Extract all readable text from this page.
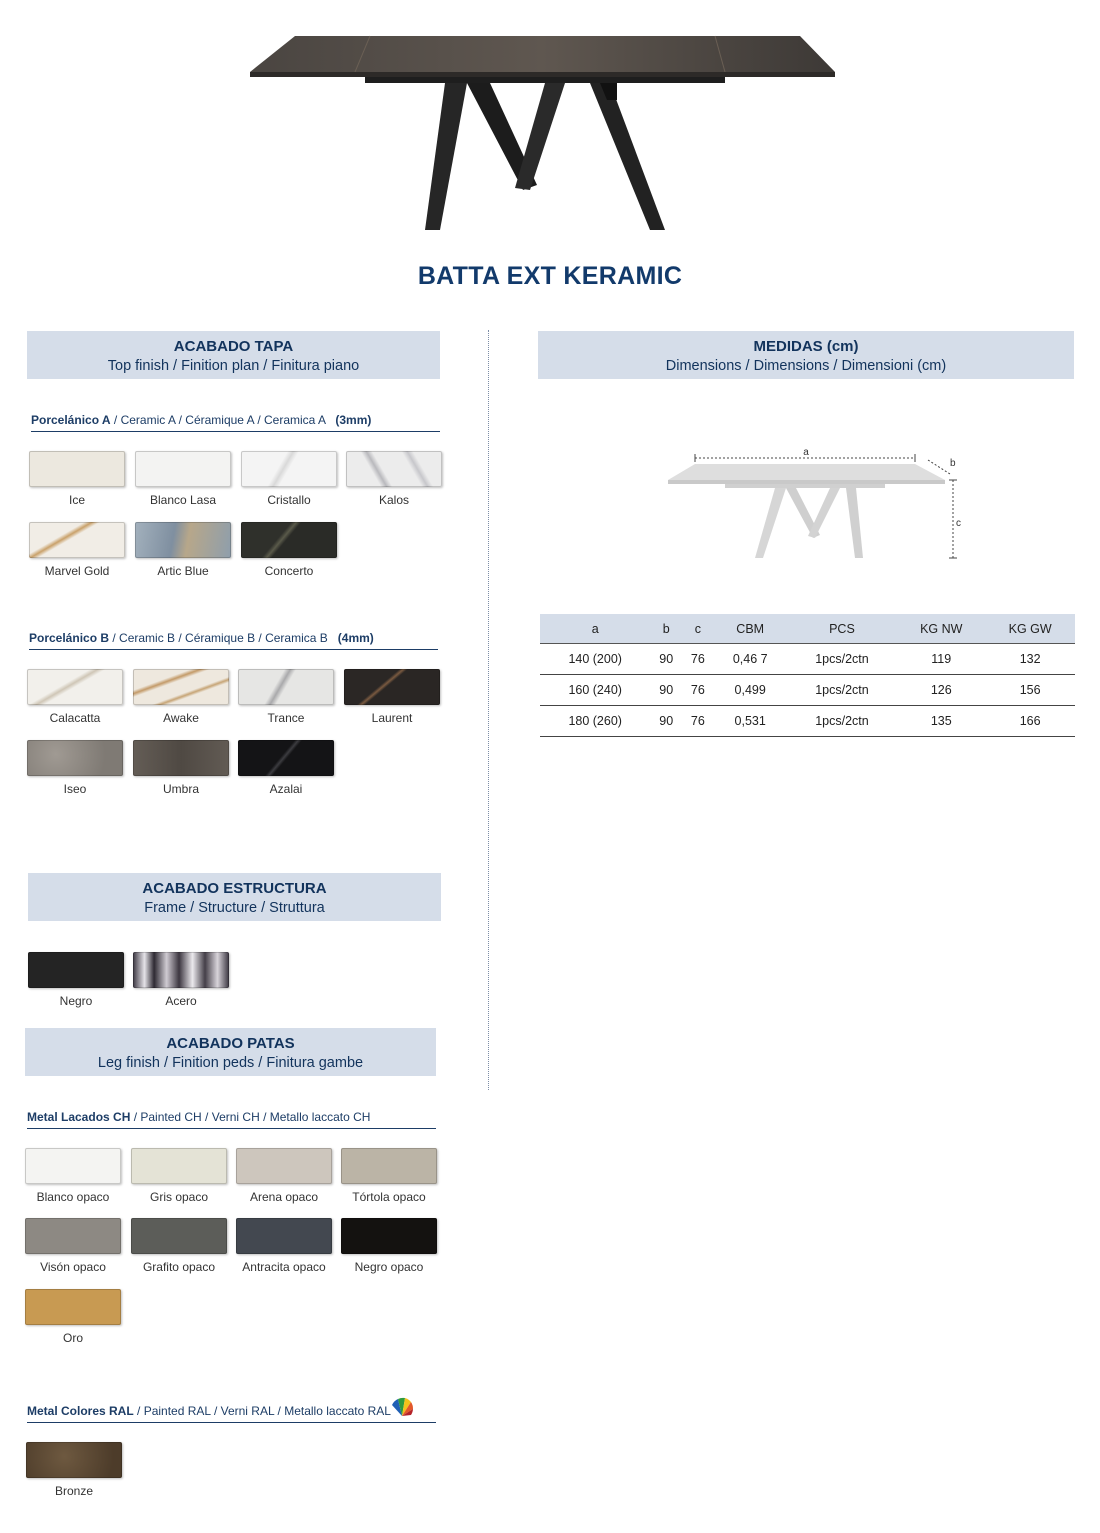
BATTA EXT KERAMIC
ACABADO TAPA
Top finish / Finition plan / Finitura piano
Porcelánico A / Ceramic A / Céramique A / Ceramica A (3mm)
Ice	Blanco Lasa	Cristallo	Kalos
Marvel Gold	Artic Blue	Concerto
Porcelánico B / Ceramic B / Céramique B / Ceramica B (4mm)
Calacatta	Awake	Trance	Laurent
Iseo	Umbra	Azalai
ACABADO ESTRUCTURA
Frame / Structure / Struttura
Negro	Acero
ACABADO PATAS
Leg finish / Finition peds / Finitura gambe
Metal Lacados CH / Painted CH / Verni CH / Metallo laccato CH
Blanco opaco	Gris opaco	Arena opaco	Tórtola opaco
Visón opaco	Grafito opaco	Antracita opaco	Negro opaco
Oro
Metal Colores RAL / Painted RAL / Verni RAL / Metallo laccato RAL
Bronze
MEDIDAS (cm)
Dimensions / Dimensions / Dimensioni (cm)
a
b
c
a	b	c	CBM	PCS	KG NW	KG GW
140 (200)	90	76	0,46 7	1pcs/2ctn	119	132
160 (240)	90	76	0,499	1pcs/2ctn	126	156
180 (260)	90	76	0,531	1pcs/2ctn	135	166
